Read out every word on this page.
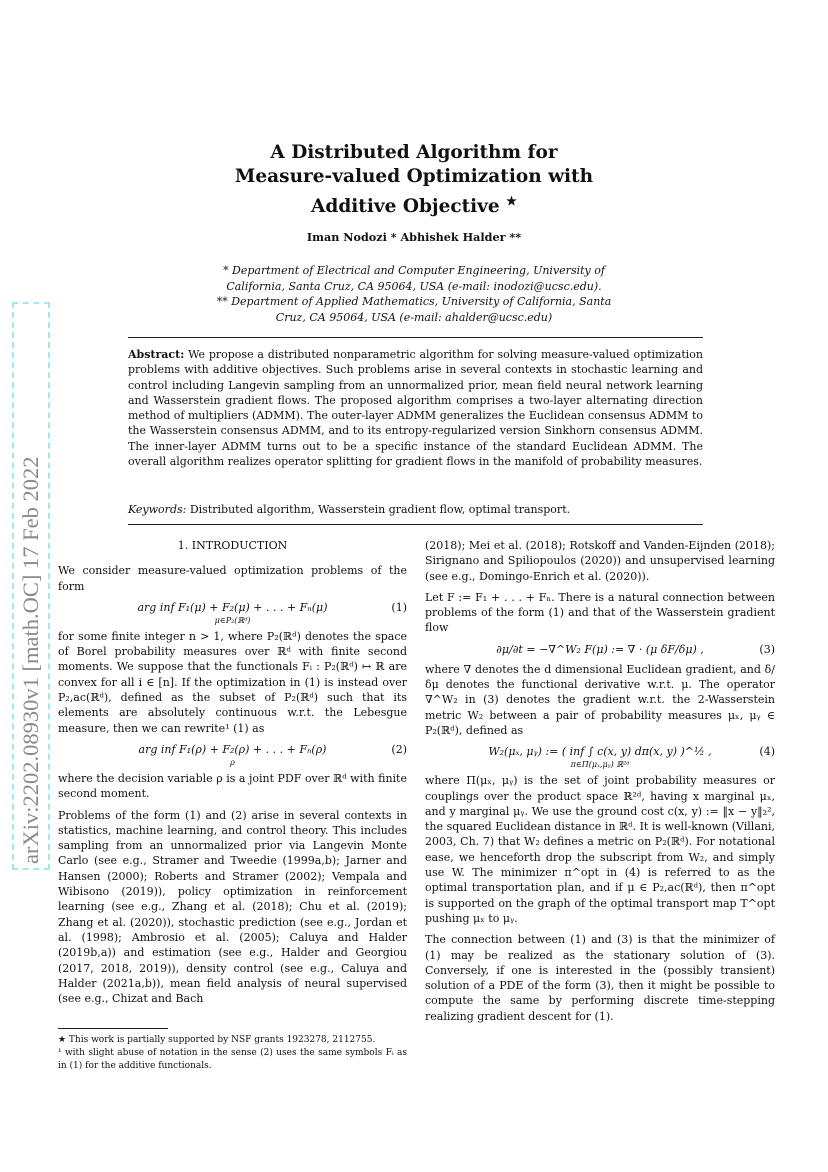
arXiv:2202.08930v1 [math.OC] 17 Feb 2022
A Distributed Algorithm for
Measure-valued Optimization with
Additive Objective ★
Iman Nodozi * Abhishek Halder **
* Department of Electrical and Computer Engineering, University of
California, Santa Cruz, CA 95064, USA (e-mail: inodozi@ucsc.edu).
** Department of Applied Mathematics, University of California, Santa
Cruz, CA 95064, USA (e-mail: ahalder@ucsc.edu)
Abstract: We propose a distributed nonparametric algorithm for solving measure-valued optimization problems with additive objectives. Such problems arise in several contexts in stochastic learning and control including Langevin sampling from an unnormalized prior, mean field neural network learning and Wasserstein gradient flows. The proposed algorithm comprises a two-layer alternating direction method of multipliers (ADMM). The outer-layer ADMM generalizes the Euclidean consensus ADMM to the Wasserstein consensus ADMM, and to its entropy-regularized version Sinkhorn consensus ADMM. The inner-layer ADMM turns out to be a specific instance of the standard Euclidean ADMM. The overall algorithm realizes operator splitting for gradient flows in the manifold of probability measures.
Keywords: Distributed algorithm, Wasserstein gradient flow, optimal transport.

1. INTRODUCTION

We consider measure-valued optimization problems of the form

arg inf F₁(μ) + F₂(μ) + . . . + Fₙ(μ)
μ∈P₂(ℝᵈ)
(1)

for some finite integer n > 1, where P₂(ℝᵈ) denotes the space of Borel probability measures over ℝᵈ with finite second moments. We suppose that the functionals Fᵢ : P₂(ℝᵈ) ↦ ℝ are convex for all i ∈ [n]. If the optimization in (1) is instead over P₂,ac(ℝᵈ), defined as the subset of P₂(ℝᵈ) such that its elements are absolutely continuous w.r.t. the Lebesgue measure, then we can rewrite¹ (1) as

arg inf F₁(ρ) + F₂(ρ) + . . . + Fₙ(ρ)
ρ
(2)

where the decision variable ρ is a joint PDF over ℝᵈ with finite second moment.

Problems of the form (1) and (2) arise in several contexts in statistics, machine learning, and control theory. This includes sampling from an unnormalized prior via Langevin Monte Carlo (see e.g., Stramer and Tweedie (1999a,b); Jarner and Hansen (2000); Roberts and Stramer (2002); Vempala and Wibisono (2019)), policy optimization in reinforcement learning (see e.g., Zhang et al. (2018); Chu et al. (2019); Zhang et al. (2020)), stochastic prediction (see e.g., Jordan et al. (1998); Ambrosio et al. (2005); Caluya and Halder (2019b,a)) and estimation (see e.g., Halder and Georgiou (2017, 2018, 2019)), density control (see e.g., Caluya and Halder (2021a,b)), mean field analysis of neural supervised (see e.g., Chizat and Bach

★ This work is partially supported by NSF grants 1923278, 2112755.

¹ with slight abuse of notation in the sense (2) uses the same symbols Fᵢ as in (1) for the additive functionals.

(2018); Mei et al. (2018); Rotskoff and Vanden-Eijnden (2018); Sirignano and Spiliopoulos (2020)) and unsupervised learning (see e.g., Domingo-Enrich et al. (2020)).

Let F := F₁ + . . . + Fₙ. There is a natural connection between problems of the form (1) and that of the Wasserstein gradient flow

∂μ/∂t = −∇^W₂ F(μ) := ∇ · (μ δF/δμ) ,	(3)

where ∇ denotes the d dimensional Euclidean gradient, and δ/δμ denotes the functional derivative w.r.t. μ. The operator ∇^W₂ in (3) denotes the gradient w.r.t. the 2-Wasserstein metric W₂ between a pair of probability measures μₓ, μᵧ ∈ P₂(ℝᵈ), defined as

W₂(μₓ, μᵧ) := ( inf ∫ c(x, y) dπ(x, y) )^½ ,
π∈Π(μₓ,μᵧ) ℝ²ᵈ
(4)

where Π(μₓ, μᵧ) is the set of joint probability measures or couplings over the product space ℝ²ᵈ, having x marginal μₓ, and y marginal μᵧ. We use the ground cost c(x, y) := ‖x − y‖₂², the squared Euclidean distance in ℝᵈ. It is well-known (Villani, 2003, Ch. 7) that W₂ defines a metric on P₂(ℝᵈ). For notational ease, we henceforth drop the subscript from W₂, and simply use W. The minimizer π^opt in (4) is referred to as the optimal transportation plan, and if μ ∈ P₂,ac(ℝᵈ), then π^opt is supported on the graph of the optimal transport map T^opt pushing μₓ to μᵧ.

The connection between (1) and (3) is that the minimizer of (1) may be realized as the stationary solution of (3). Conversely, if one is interested in the (possibly transient) solution of a PDE of the form (3), then it might be possible to compute the same by performing discrete time-stepping realizing gradient descent for (1).
